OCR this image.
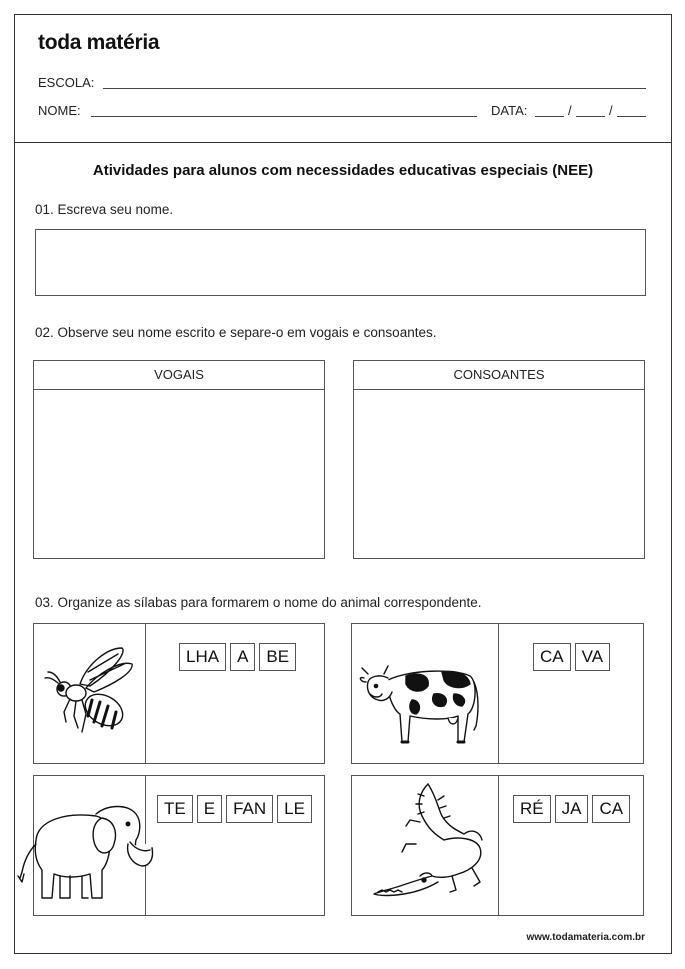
toda matéria
ESCOLA:
NOME:	DATA:	/	/
Atividades para alunos com necessidades educativas especiais (NEE)
01. Escreva seu nome.
02. Observe seu nome escrito e separe-o em vogais e consoantes.
VOGAIS	CONSOANTES
03. Organize as sílabas para formarem o nome do animal correspondente.
LHA	A	BE	CA	VA
TE	E	FAN	LE	RÉ	JA	CA
www.todamateria.com.br
